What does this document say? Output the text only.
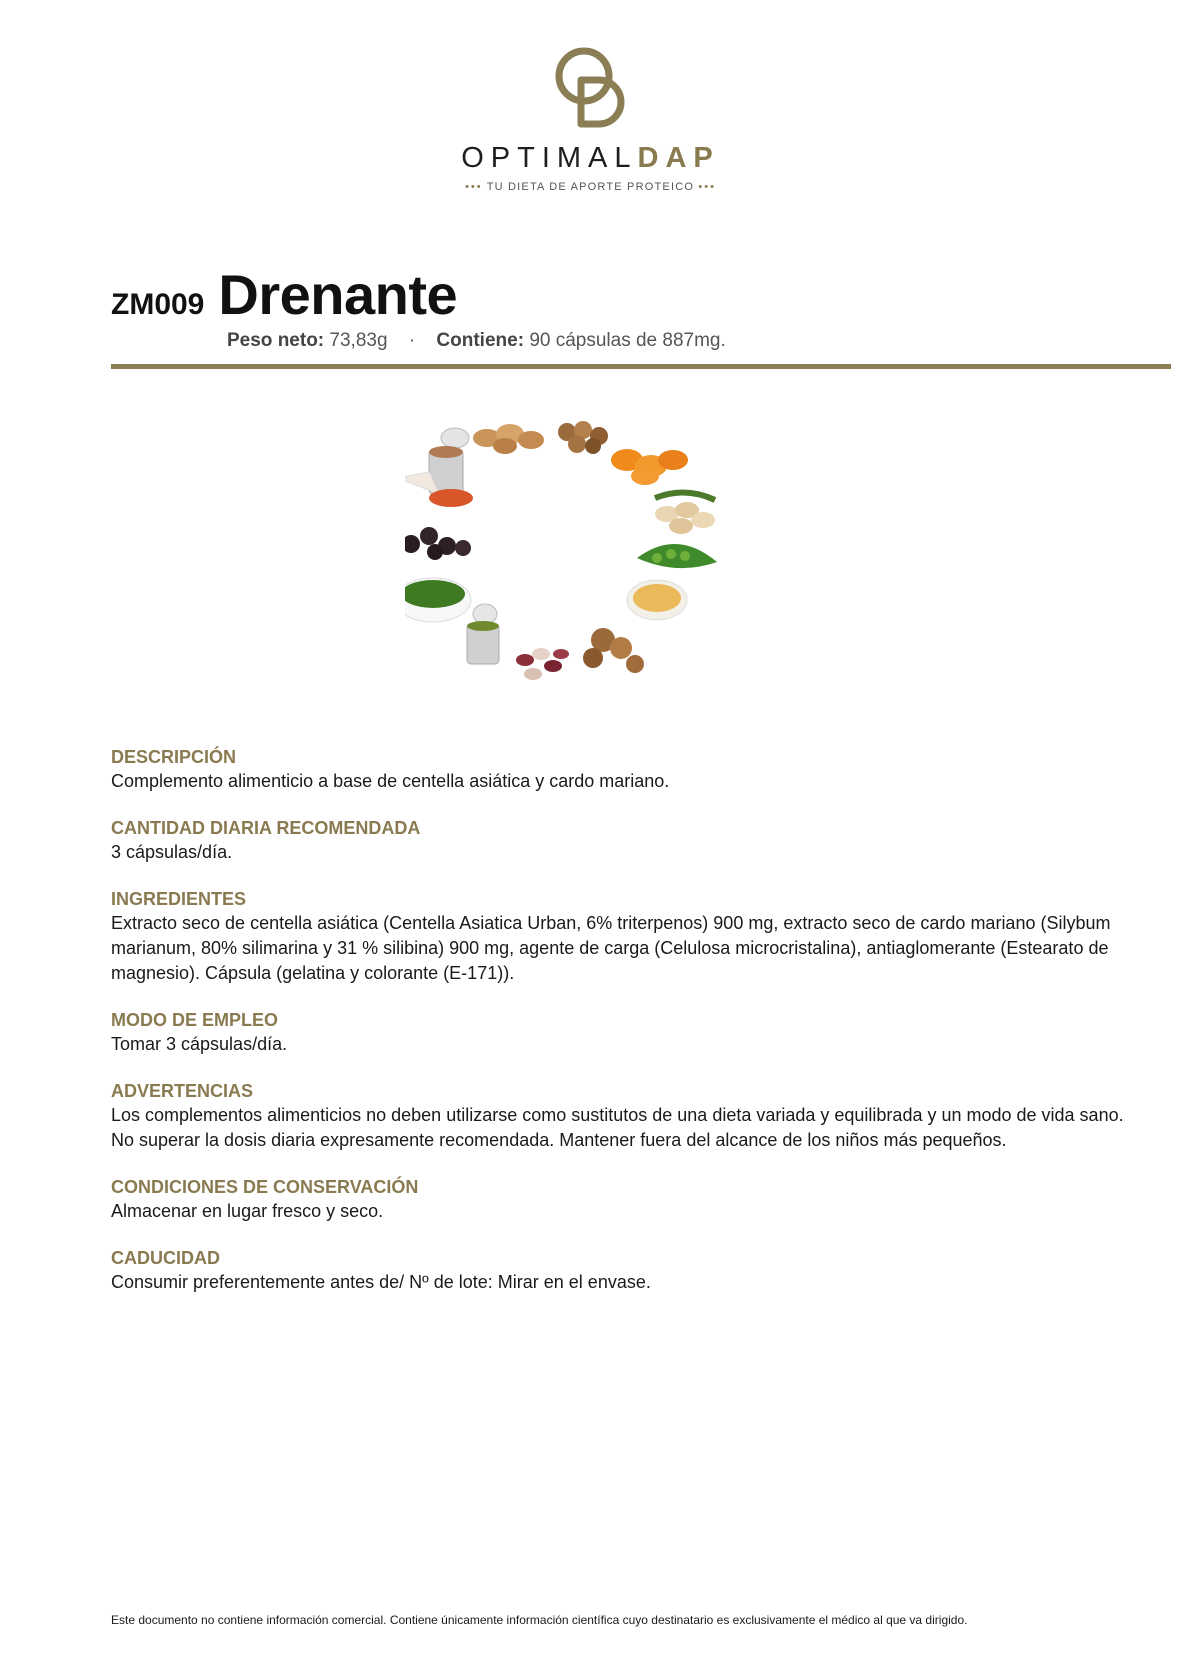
OPTIMALDAP
••• TU DIETA DE APORTE PROTEICO •••
ZM009 Drenante
Peso neto: 73,83g · Contiene: 90 cápsulas de 887mg.
DESCRIPCIÓN

Complemento alimenticio a base de centella asiática y cardo mariano.

CANTIDAD DIARIA RECOMENDADA

3 cápsulas/día.

INGREDIENTES

Extracto seco de centella asiática (Centella Asiatica Urban, 6% triterpenos) 900 mg, extracto seco de cardo mariano (Silybum marianum, 80% silimarina y 31 % silibina) 900 mg, agente de carga (Celulosa microcristalina), antiaglomerante (Estearato de magnesio). Cápsula (gelatina y colorante (E-171)).

MODO DE EMPLEO

Tomar 3 cápsulas/día.

ADVERTENCIAS

Los complementos alimenticios no deben utilizarse como sustitutos de una dieta variada y equilibrada y un modo de vida sano. No superar la dosis diaria expresamente recomendada. Mantener fuera del alcance de los niños más pequeños.

CONDICIONES DE CONSERVACIÓN

Almacenar en lugar fresco y seco.

CADUCIDAD

Consumir preferentemente antes de/ Nº de lote: Mirar en el envase.

Este documento no contiene información comercial. Contiene únicamente información científica cuyo destinatario es exclusivamente el médico al que va dirigido.
